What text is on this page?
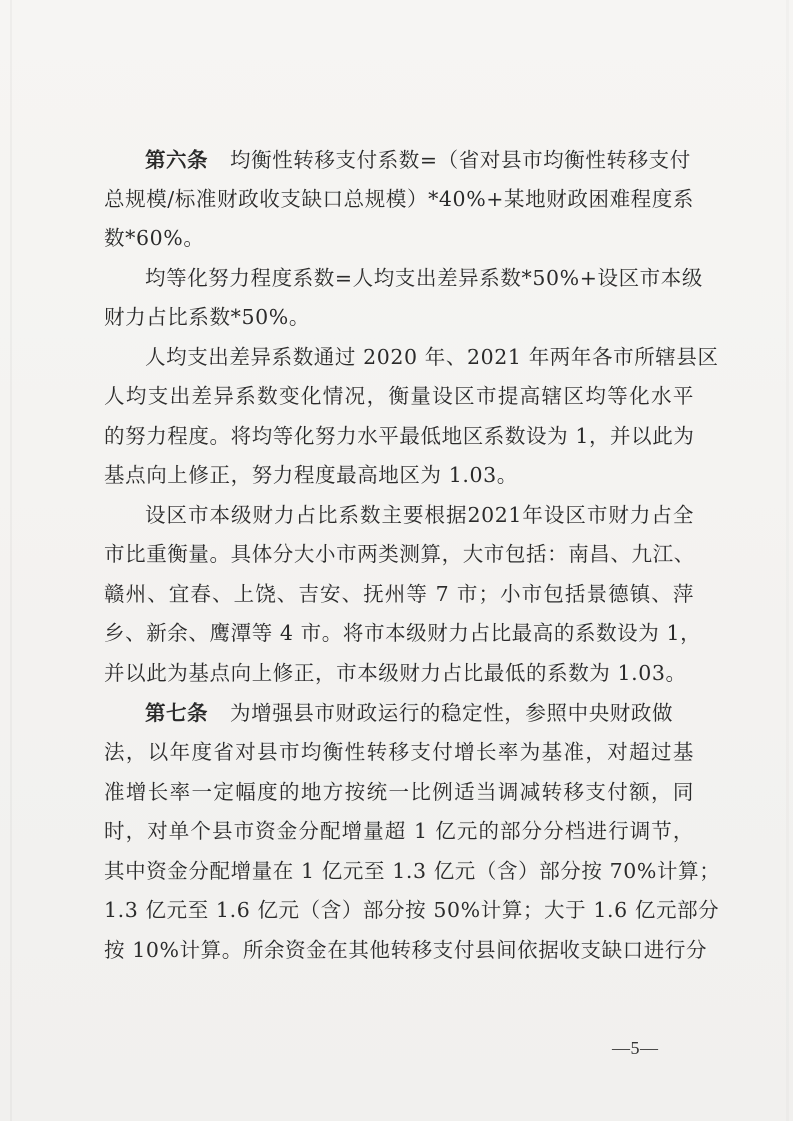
第六条 均衡性转移支付系数=（省对县市均衡性转移支付
总规模/标准财政收支缺口总规模）*40%+某地财政困难程度系
数*60%。
均等化努力程度系数=人均支出差异系数*50%+设区市本级
财力占比系数*50%。
人均支出差异系数通过 2020 年、2021 年两年各市所辖县区
人均支出差异系数变化情况，衡量设区市提高辖区均等化水平
的努力程度。将均等化努力水平最低地区系数设为 1，并以此为
基点向上修正，努力程度最高地区为 1.03。
设区市本级财力占比系数主要根据2021年设区市财力占全
市比重衡量。具体分大小市两类测算，大市包括：南昌、九江、
赣州、宜春、上饶、吉安、抚州等 7 市；小市包括景德镇、萍
乡、新余、鹰潭等 4 市。将市本级财力占比最高的系数设为 1，
并以此为基点向上修正，市本级财力占比最低的系数为 1.03。
第七条 为增强县市财政运行的稳定性，参照中央财政做
法，以年度省对县市均衡性转移支付增长率为基准，对超过基
准增长率一定幅度的地方按统一比例适当调减转移支付额，同
时，对单个县市资金分配增量超 1 亿元的部分分档进行调节，
其中资金分配增量在 1 亿元至 1.3 亿元（含）部分按 70%计算；
1.3 亿元至 1.6 亿元（含）部分按 50%计算；大于 1.6 亿元部分
按 10%计算。所余资金在其他转移支付县间依据收支缺口进行分
—5—
